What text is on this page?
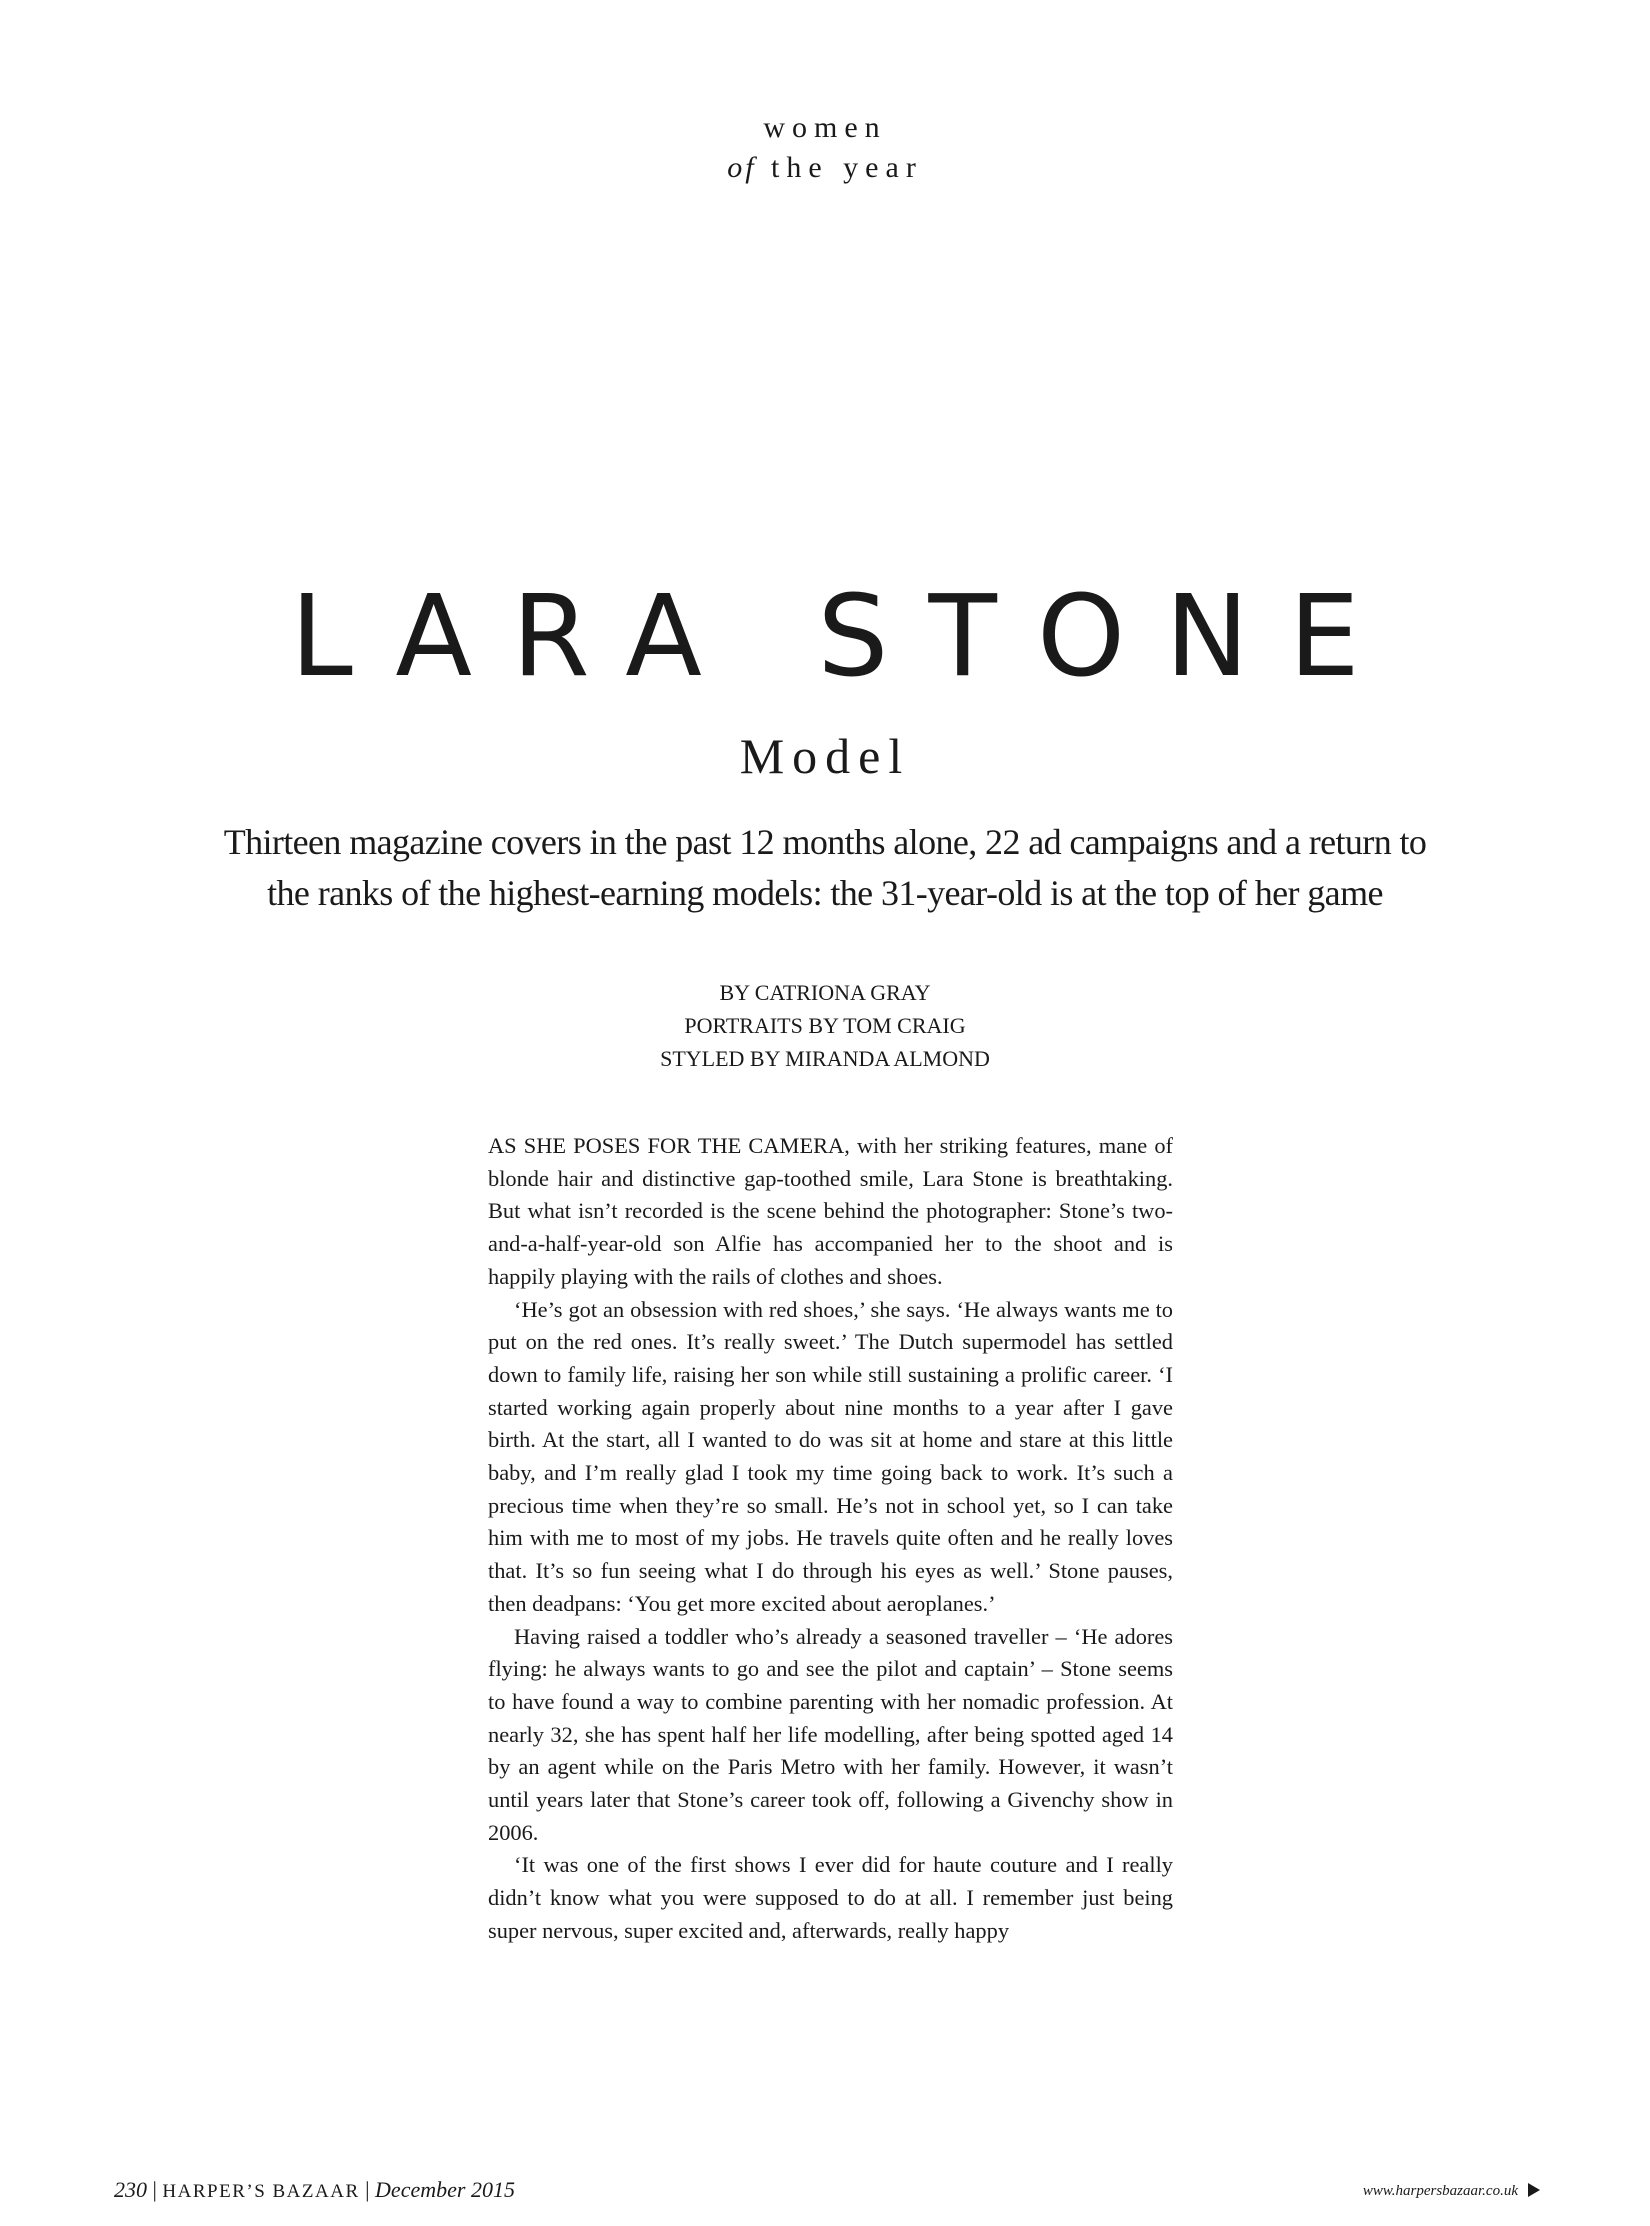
women
of the year
LARA STONE
Model
Thirteen magazine covers in the past 12 months alone, 22 ad campaigns and a return to the ranks of the highest-earning models: the 31-year-old is at the top of her game
BY CATRIONA GRAY
PORTRAITS BY TOM CRAIG
STYLED BY MIRANDA ALMOND

AS SHE POSES FOR THE CAMERA, with her striking features, mane of blonde hair and distinctive gap-toothed smile, Lara Stone is breathtaking. But what isn’t recorded is the scene behind the photographer: Stone’s two-and-a-half-year-old son Alfie has accompanied her to the shoot and is happily playing with the rails of clothes and shoes.

‘He’s got an obsession with red shoes,’ she says. ‘He always wants me to put on the red ones. It’s really sweet.’ The Dutch supermodel has settled down to family life, raising her son while still sustaining a prolific career. ‘I started working again properly about nine months to a year after I gave birth. At the start, all I wanted to do was sit at home and stare at this little baby, and I’m really glad I took my time going back to work. It’s such a precious time when they’re so small. He’s not in school yet, so I can take him with me to most of my jobs. He travels quite often and he really loves that. It’s so fun seeing what I do through his eyes as well.’ Stone pauses, then deadpans: ‘You get more excited about aeroplanes.’

Having raised a toddler who’s already a seasoned traveller – ‘He adores flying: he always wants to go and see the pilot and captain’ – Stone seems to have found a way to combine parenting with her nomadic profession. At nearly 32, she has spent half her life modelling, after being spotted aged 14 by an agent while on the Paris Metro with her family. However, it wasn’t until years later that Stone’s career took off, following a Givenchy show in 2006.

‘It was one of the first shows I ever did for haute couture and I really didn’t know what you were supposed to do at all. I remember just being super nervous, super excited and, afterwards, really happy

230 | HARPER’S BAZAAR | December 2015	www.harpersbazaar.co.uk
